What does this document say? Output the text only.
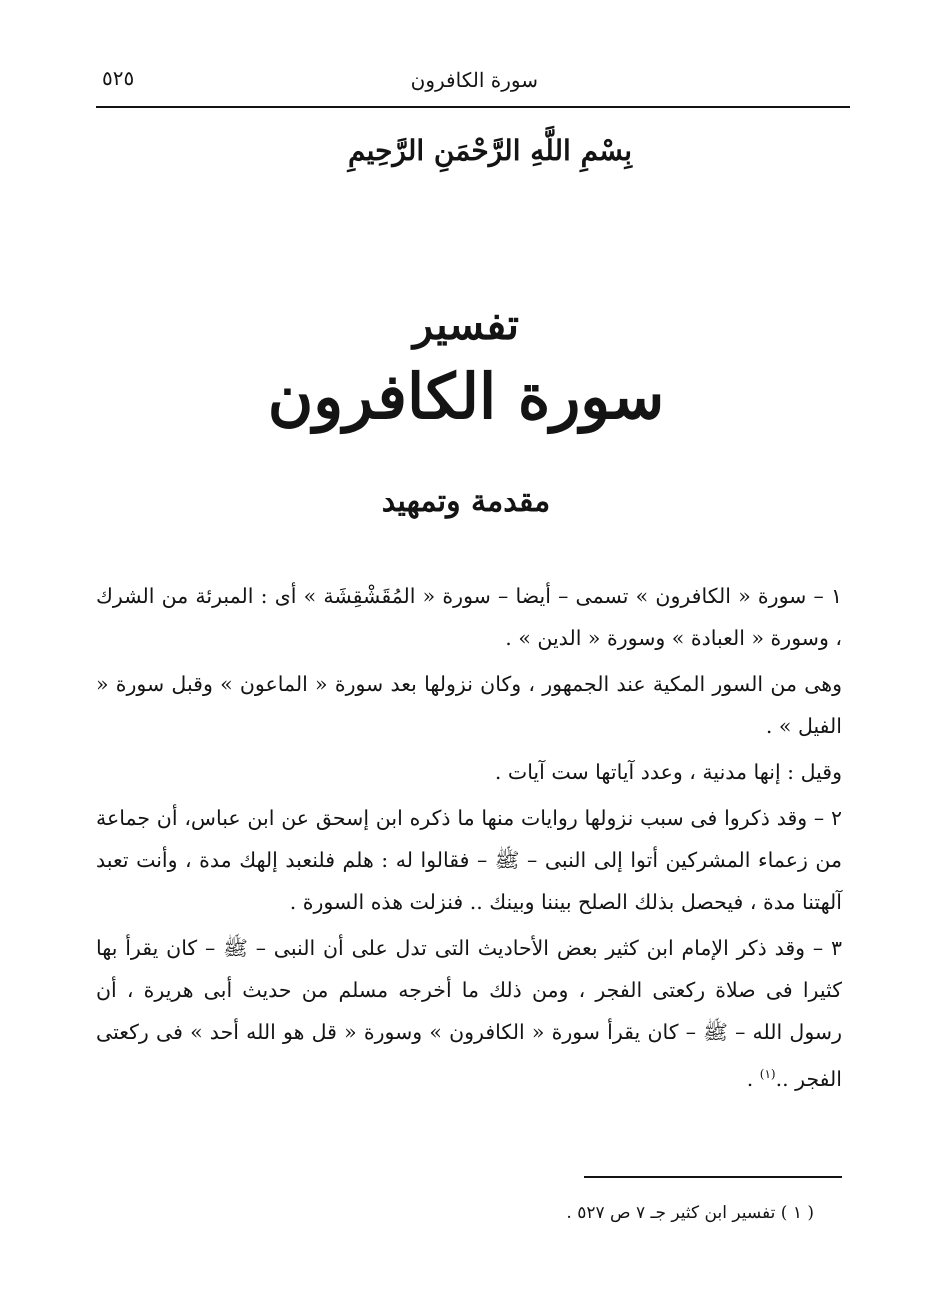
سورة الكافرون
٥٢٥
بِسْمِ اللَّهِ الرَّحْمَنِ الرَّحِيمِ
تفسير
سورة الكافرون
مقدمة وتمهيد

١ – سورة « الكافرون » تسمى – أيضا – سورة « المُقَشْقِشَة » أى : المبرئة من الشرك ، وسورة « العبادة » وسورة « الدين » .

وهى من السور المكية عند الجمهور ، وكان نزولها بعد سورة « الماعون » وقبل سورة « الفيل » .

وقيل : إنها مدنية ، وعدد آياتها ست آيات .

٢ – وقد ذكروا فى سبب نزولها روايات منها ما ذكره ابن إسحق عن ابن عباس، أن جماعة من زعماء المشركين أتوا إلى النبى – ﷺ – فقالوا له : هلم فلنعبد إلهك مدة ، وأنت تعبد آلهتنا مدة ، فيحصل بذلك الصلح بيننا وبينك .. فنزلت هذه السورة .

٣ – وقد ذكر الإمام ابن كثير بعض الأحاديث التى تدل على أن النبى – ﷺ – كان يقرأ بها كثيرا فى صلاة ركعتى الفجر ، ومن ذلك ما أخرجه مسلم من حديث أبى هريرة ، أن رسول الله – ﷺ – كان يقرأ سورة « الكافرون » وسورة « قل هو الله أحد » فى ركعتى الفجر ..$^{(١)}$ .

( ١ ) تفسير ابن كثير جـ ٧ ص ٥٢٧ .
